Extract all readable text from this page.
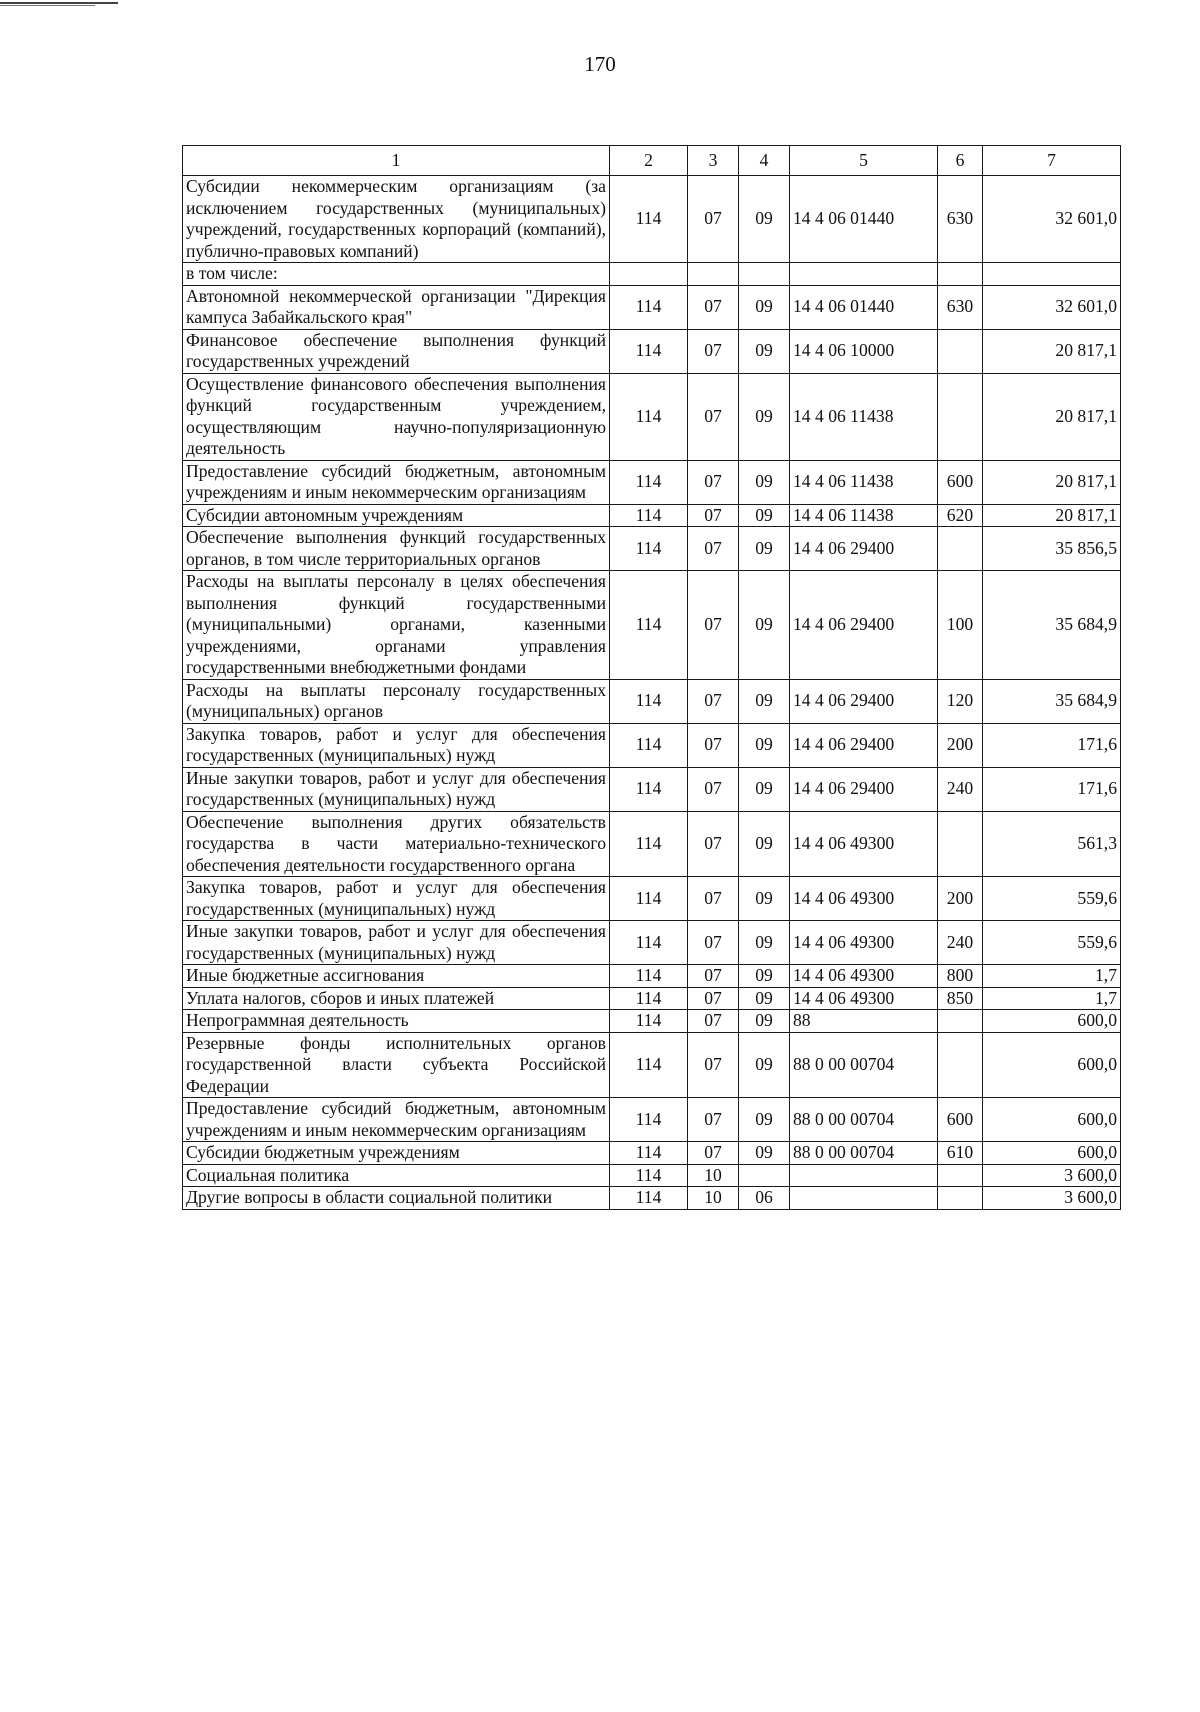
170
1	2	3	4	5	6	7
Субсидии некоммерческим организациям (за исключением государственных (муниципальных) учреждений, государственных корпораций (компаний), публично-правовых компаний)	114	07	09	14 4 06 01440	630	32 601,0
в том числе:						
Автономной некоммерческой организации "Дирекция кампуса Забайкальского края"	114	07	09	14 4 06 01440	630	32 601,0
Финансовое обеспечение выполнения функций государственных учреждений	114	07	09	14 4 06 10000		20 817,1
Осуществление финансового обеспечения выполнения функций государственным учреждением, осуществляющим научно-популяризационную деятельность	114	07	09	14 4 06 11438		20 817,1
Предоставление субсидий бюджетным, автономным учреждениям и иным некоммерческим организациям	114	07	09	14 4 06 11438	600	20 817,1
Субсидии автономным учреждениям	114	07	09	14 4 06 11438	620	20 817,1
Обеспечение выполнения функций государственных органов, в том числе территориальных органов	114	07	09	14 4 06 29400		35 856,5
Расходы на выплаты персоналу в целях обеспечения выполнения функций государственными (муниципальными) органами, казенными учреждениями, органами управления государственными внебюджетными фондами	114	07	09	14 4 06 29400	100	35 684,9
Расходы на выплаты персоналу государственных (муниципальных) органов	114	07	09	14 4 06 29400	120	35 684,9
Закупка товаров, работ и услуг для обеспечения государственных (муниципальных) нужд	114	07	09	14 4 06 29400	200	171,6
Иные закупки товаров, работ и услуг для обеспечения государственных (муниципальных) нужд	114	07	09	14 4 06 29400	240	171,6
Обеспечение выполнения других обязательств государства в части материально-технического обеспечения деятельности государственного органа	114	07	09	14 4 06 49300		561,3
Закупка товаров, работ и услуг для обеспечения государственных (муниципальных) нужд	114	07	09	14 4 06 49300	200	559,6
Иные закупки товаров, работ и услуг для обеспечения государственных (муниципальных) нужд	114	07	09	14 4 06 49300	240	559,6
Иные бюджетные ассигнования	114	07	09	14 4 06 49300	800	1,7
Уплата налогов, сборов и иных платежей	114	07	09	14 4 06 49300	850	1,7
Непрограммная деятельность	114	07	09	88		600,0
Резервные фонды исполнительных органов государственной власти субъекта Российской Федерации	114	07	09	88 0 00 00704		600,0
Предоставление субсидий бюджетным, автономным учреждениям и иным некоммерческим организациям	114	07	09	88 0 00 00704	600	600,0
Субсидии бюджетным учреждениям	114	07	09	88 0 00 00704	610	600,0
Социальная политика	114	10				3 600,0
Другие вопросы в области социальной политики	114	10	06			3 600,0
